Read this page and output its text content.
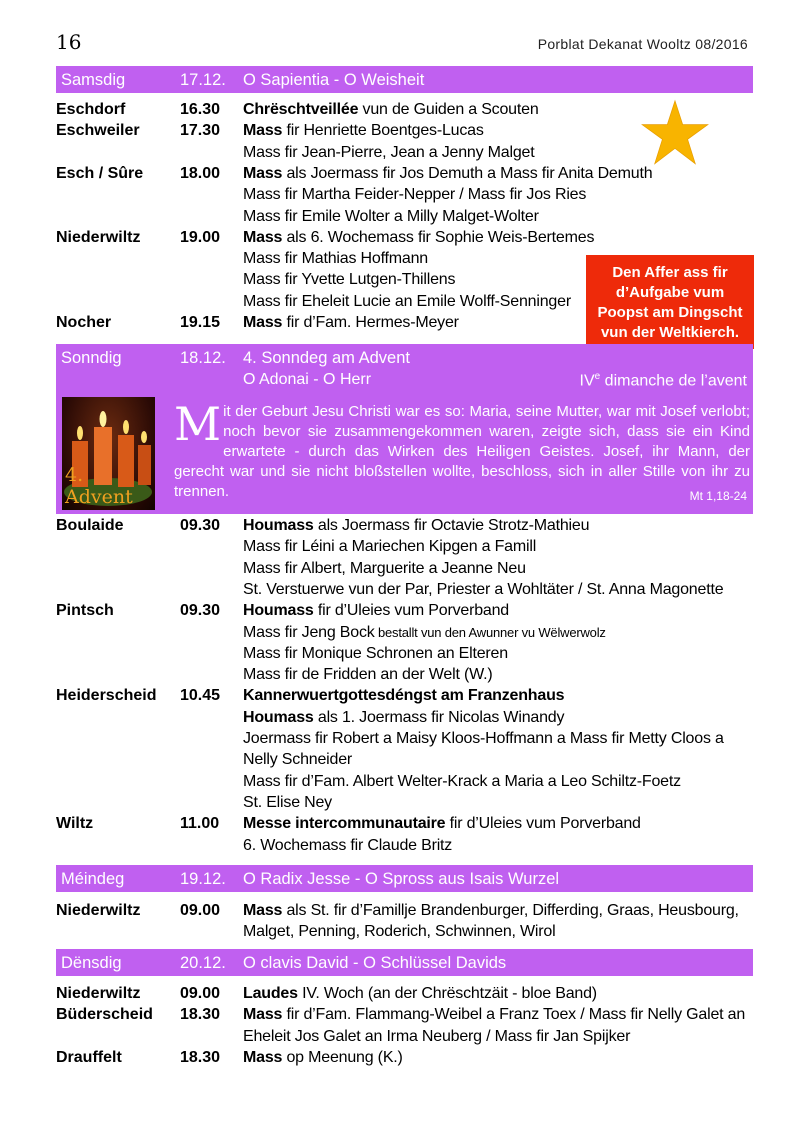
16	Porblat Dekanat Wooltz 08/2016
Samsdig	17.12. O Sapientia - O Weisheit
Eschdorf	16.30 Chrëschtveillée vun de Guiden a Scouten
Eschweiler	17.30 Mass fir Henriette Boentges-Lucas
Mass fir Jean-Pierre, Jean a Jenny Malget
Esch / Sûre 18.00 Mass als Joermass fir Jos Demuth a Mass fir Anita Demuth
Mass fir Martha Feider-Nepper / Mass fir Jos Ries
Mass fir Emile Wolter a Milly Malget-Wolter
Niederwiltz 19.00 Mass als 6. Wochemass fir Sophie Weis-Bertemes
Mass fir Mathias Hoffmann
Mass fir Yvette Lutgen-Thillens
Mass fir Eheleit Lucie an Emile Wolff-Senninger
Nocher	19.15 Mass fir d’Fam. Hermes-Meyer
Den Affer ass fir
d’Aufgabe vum
Poopst am Dingscht
vun der Weltkierch.
Sonndig	18.12. 4. Sonndeg am Advent
O Adonai - O Herr	IVe dimanche de l’avent
4. Advent
Mit der Geburt Jesu Christi war es so: Maria, seine Mutter, war mit Josef verlobt; noch bevor sie zusammengekommen waren, zeigte sich, dass sie ein Kind erwartete - durch das Wirken des Heiligen Geistes. Josef, ihr Mann, der gerecht war und sie nicht bloßstellen wollte, beschloss, sich in aller Stille von ihr zu trennen.	Mt 1,18-24
Boulaide	09.30 Houmass als Joermass fir Octavie Strotz-Mathieu
Mass fir Léini a Mariechen Kipgen a Famill
Mass fir Albert, Marguerite a Jeanne Neu
St. Verstuerwe vun der Par, Priester a Wohltäter / St. Anna Magonette
Pintsch	09.30 Houmass fir d’Uleies vum Porverband
Mass fir Jeng Bock bestallt vun den Awunner vu Wëlwerwolz
Mass fir Monique Schronen an Elteren
Mass fir de Fridden an der Welt (W.)
Heiderscheid 10.45 Kannerwuertgottesdéngst am Franzenhaus
Houmass als 1. Joermass fir Nicolas Winandy
Joermass fir Robert a Maisy Kloos-Hoffmann a Mass fir Metty Cloos a
Nelly Schneider
Mass fir d’Fam. Albert Welter-Krack a Maria a Leo Schiltz-Foetz
St. Elise Ney
Wiltz	11.00 Messe intercommunautaire fir d’Uleies vum Porverband
6. Wochemass fir Claude Britz
Méindeg	19.12. O Radix Jesse - O Spross aus Isais Wurzel
Niederwiltz 09.00 Mass als St. fir d’Famillje Brandenburger, Differding, Graas, Heusbourg,
Malget, Penning, Roderich, Schwinnen, Wirol
Dënsdig	20.12. O clavis David - O Schlüssel Davids
Niederwiltz 09.00 Laudes IV. Woch (an der Chrëschtzäit - bloe Band)
Büderscheid 18.30 Mass fir d’Fam. Flammang-Weibel a Franz Toex / Mass fir Nelly Galet an
Eheleit Jos Galet an Irma Neuberg / Mass fir Jan Spijker
Drauffelt	18.30 Mass op Meenung (K.)
